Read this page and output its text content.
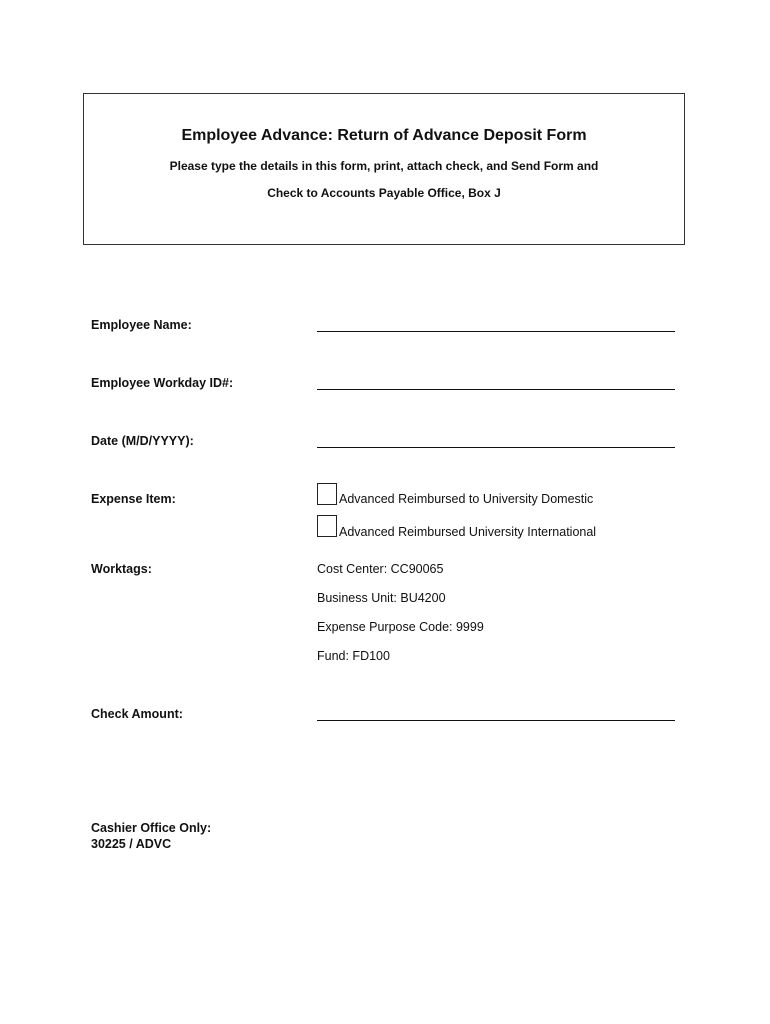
Employee Advance: Return of Advance Deposit Form
Please type the details in this form, print, attach check, and Send Form and
Check to Accounts Payable Office, Box J
Employee Name:
Employee Workday ID#:
Date (M/D/YYYY):
Expense Item:	Advanced Reimbursed to University Domestic
Advanced Reimbursed University International
Worktags:	Cost Center: CC90065
Business Unit: BU4200
Expense Purpose Code: 9999
Fund: FD100
Check Amount:
Cashier Office Only:
30225 / ADVC
